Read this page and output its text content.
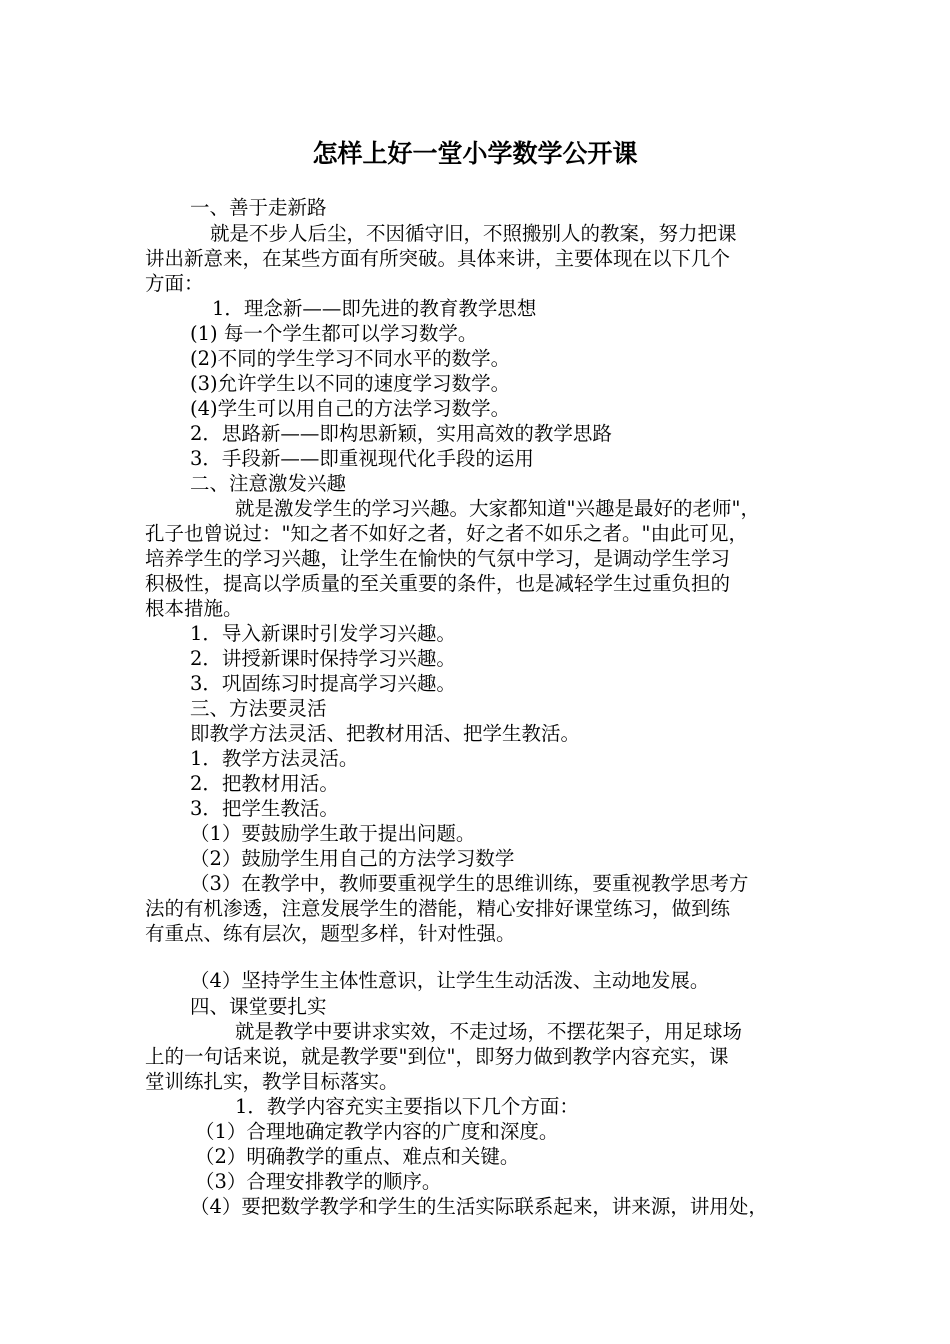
怎样上好一堂小学数学公开课
一、善于走新路
就是不步人后尘，不因循守旧，不照搬别人的教案，努力把课
讲出新意来，在某些方面有所突破。具体来讲，主要体现在以下几个
方面：
1．理念新——即先进的教育教学思想
(1) 每一个学生都可以学习数学。
(2)不同的学生学习不同水平的数学。
(3)允许学生以不同的速度学习数学。
(4)学生可以用自己的方法学习数学。
2．思路新——即构思新颖，实用高效的教学思路
3．手段新——即重视现代化手段的运用
二、注意激发兴趣
就是激发学生的学习兴趣。大家都知道"兴趣是最好的老师"，
孔子也曾说过："知之者不如好之者，好之者不如乐之者。"由此可见，
培养学生的学习兴趣，让学生在愉快的气氛中学习，是调动学生学习
积极性，提高以学质量的至关重要的条件，也是减轻学生过重负担的
根本措施。
1．导入新课时引发学习兴趣。
2．讲授新课时保持学习兴趣。
3．巩固练习时提高学习兴趣。
三、方法要灵活
即教学方法灵活、把教材用活、把学生教活。
1．教学方法灵活。
2．把教材用活。
3．把学生教活。
（1）要鼓励学生敢于提出问题。
（2）鼓励学生用自己的方法学习数学
（3）在教学中，教师要重视学生的思维训练，要重视教学思考方
法的有机渗透，注意发展学生的潜能，精心安排好课堂练习，做到练
有重点、练有层次，题型多样，针对性强。
（4）坚持学生主体性意识，让学生生动活泼、主动地发展。
四、课堂要扎实
就是教学中要讲求实效，不走过场，不摆花架子，用足球场
上的一句话来说，就是教学要"到位"，即努力做到教学内容充实，课
堂训练扎实，教学目标落实。
1．教学内容充实主要指以下几个方面：
（1）合理地确定教学内容的广度和深度。
（2）明确教学的重点、难点和关键。
（3）合理安排教学的顺序。
（4）要把数学教学和学生的生活实际联系起来，讲来源，讲用处，
